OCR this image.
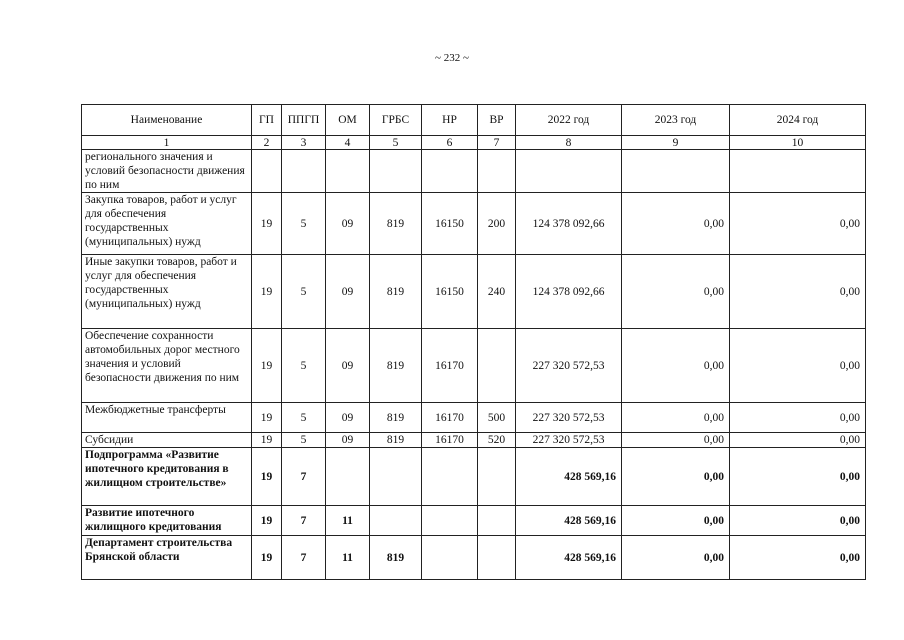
~ 232 ~
Наименование	ГП	ППГП	ОМ	ГРБС	НР	ВР	2022 год	2023 год	2024 год
1	2	3	4	5	6	7	8	9	10
регионального значения и условий безопасности движения по ним									
Закупка товаров, работ и услуг для обеспечения государственных (муниципальных) нужд	19	5	09	819	16150	200	124 378 092,66	0,00	0,00
Иные закупки товаров, работ и услуг для обеспечения государственных (муниципальных) нужд	19	5	09	819	16150	240	124 378 092,66	0,00	0,00
Обеспечение сохранности автомобильных дорог местного значения и условий безопасности движения по ним	19	5	09	819	16170		227 320 572,53	0,00	0,00
Межбюджетные трансферты	19	5	09	819	16170	500	227 320 572,53	0,00	0,00
Субсидии	19	5	09	819	16170	520	227 320 572,53	0,00	0,00
Подпрограмма «Развитие ипотечного кредитования в жилищном строительстве»	19	7					428 569,16	0,00	0,00
Развитие ипотечного жилищного кредитования	19	7	11				428 569,16	0,00	0,00
Департамент строительства Брянской области	19	7	11	819			428 569,16	0,00	0,00
